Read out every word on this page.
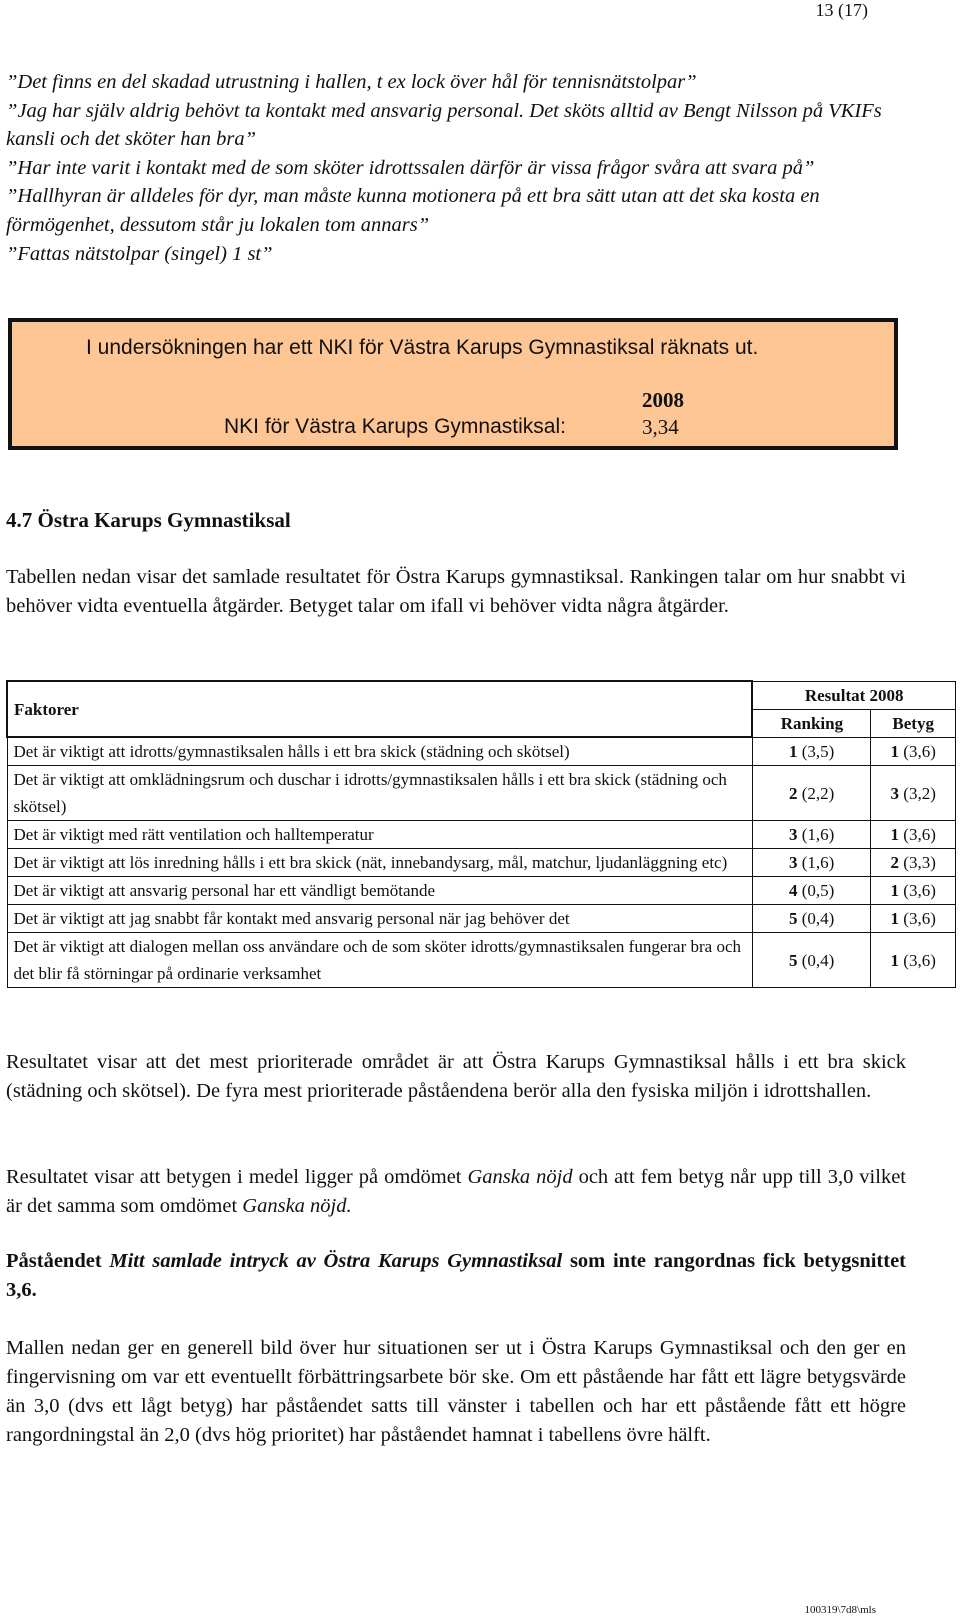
13 (17)

”Det finns en del skadad utrustning i hallen, t ex lock över hål för tennisnätstolpar”

”Jag har själv aldrig behövt ta kontakt med ansvarig personal. Det sköts alltid av Bengt Nilsson på VKIFs kansli och det sköter han bra”

”Har inte varit i kontakt med de som sköter idrottssalen därför är vissa frågor svåra att svara på”

”Hallhyran är alldeles för dyr, man måste kunna motionera på ett bra sätt utan att det ska kosta en förmögenhet, dessutom står ju lokalen tom annars”

”Fattas nätstolpar (singel) 1 st”

I undersökningen har ett NKI för Västra Karups Gymnastiksal räknats ut.
2008
NKI för Västra Karups Gymnastiksal:	3,34
4.7 Östra Karups Gymnastiksal
Tabellen nedan visar det samlade resultatet för Östra Karups gymnastiksal. Rankingen talar om hur snabbt vi behöver vidta eventuella åtgärder. Betyget talar om ifall vi behöver vidta några åtgärder.
Faktorer	Resultat 2008	
	Ranking	Betyg
Det är viktigt att idrotts/gymnastiksalen hålls i ett bra skick (städning och skötsel)	1 (3,5)	1 (3,6)
Det är viktigt att omklädningsrum och duschar i idrotts/gymnastiksalen hålls i ett bra skick (städning och skötsel)	2 (2,2)	3 (3,2)
Det är viktigt med rätt ventilation och halltemperatur	3 (1,6)	1 (3,6)
Det är viktigt att lös inredning hålls i ett bra skick (nät, innebandysarg, mål, matchur, ljudanläggning etc)	3 (1,6)	2 (3,3)
Det är viktigt att ansvarig personal har ett vändligt bemötande	4 (0,5)	1 (3,6)
Det är viktigt att jag snabbt får kontakt med ansvarig personal när jag behöver det	5 (0,4)	1 (3,6)
Det är viktigt att dialogen mellan oss användare och de som sköter idrotts/gymnastiksalen fungerar bra och det blir få störningar på ordinarie verksamhet	5 (0,4)	1 (3,6)
Resultatet visar att det mest prioriterade området är att Östra Karups Gymnastiksal hålls i ett bra skick (städning och skötsel). De fyra mest prioriterade påståendena berör alla den fysiska miljön i idrottshallen.
Resultatet visar att betygen i medel ligger på omdömet Ganska nöjd och att fem betyg når upp till 3,0 vilket är det samma som omdömet Ganska nöjd.
Påståendet Mitt samlade intryck av Östra Karups Gymnastiksal som inte rangordnas fick betygsnittet 3,6.
Mallen nedan ger en generell bild över hur situationen ser ut i Östra Karups Gymnastiksal och den ger en fingervisning om var ett eventuellt förbättringsarbete bör ske. Om ett påstående har fått ett lägre betygsvärde än 3,0 (dvs ett lågt betyg) har påståendet satts till vänster i tabellen och har ett påstående fått ett högre rangordningstal än 2,0 (dvs hög prioritet) har påståendet hamnat i tabellens övre hälft.
100319\7d8\mls
